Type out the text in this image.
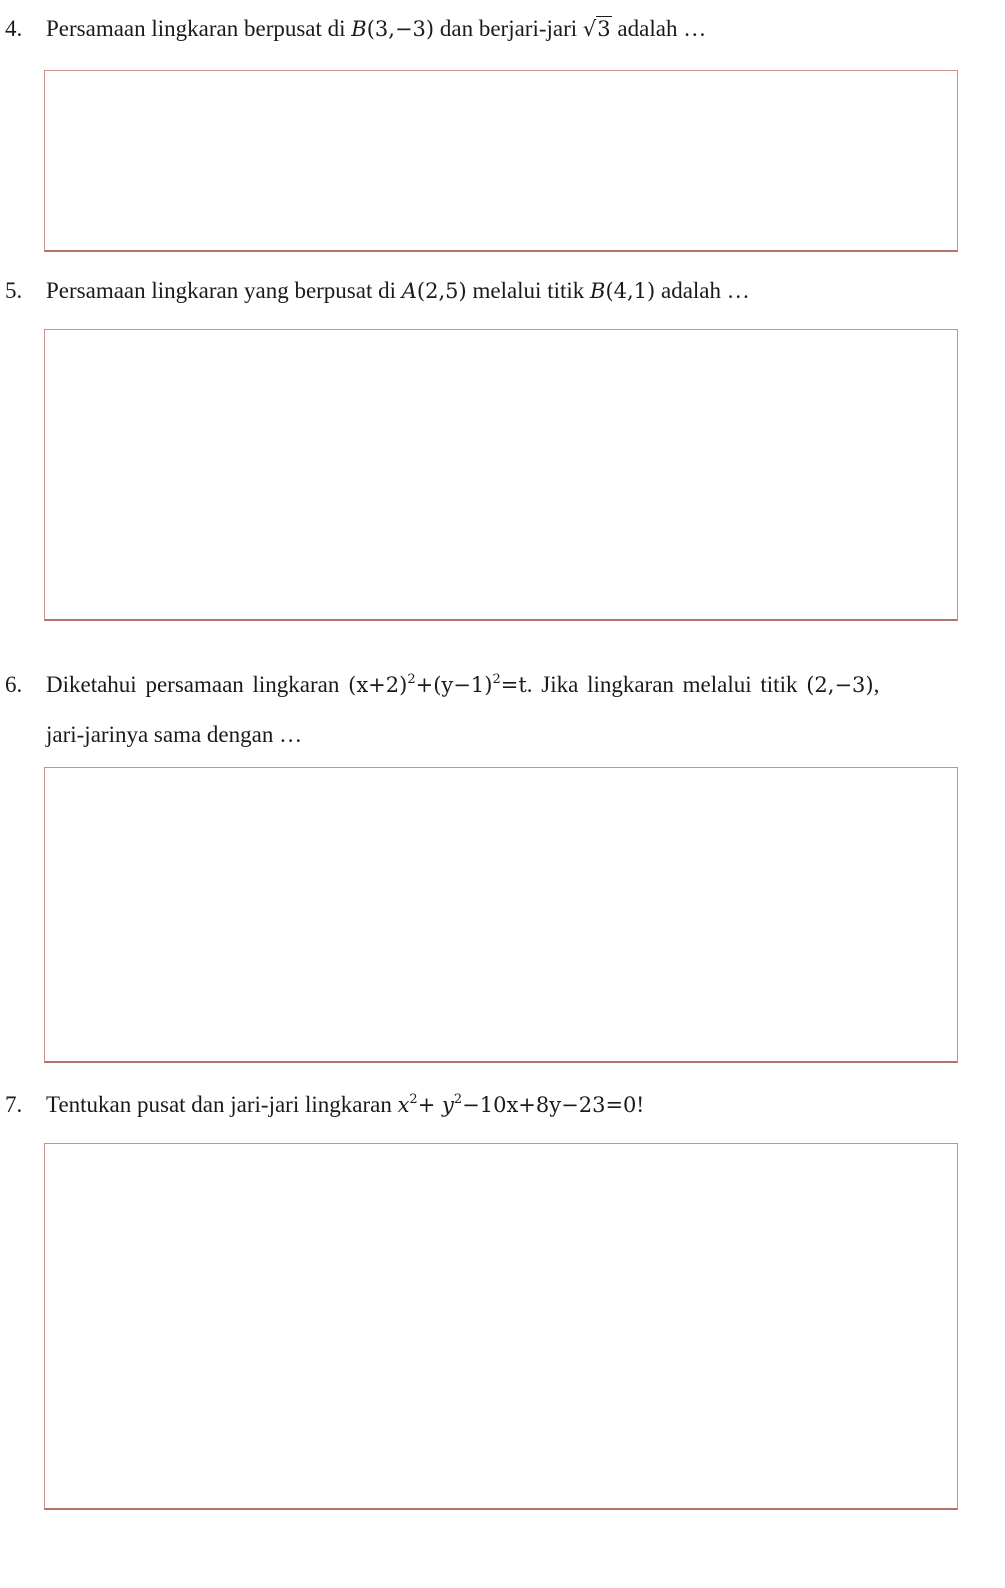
4. Persamaan lingkaran berpusat di B(3,−3) dan berjari-jari √3 adalah …
5. Persamaan lingkaran yang berpusat di A(2,5) melalui titik B(4,1) adalah …
6. Diketahui persamaan lingkaran $(x+2)^2+(y-1)^2=t$. Jika lingkaran melalui titik (2,−3),
jari-jarinya sama dengan …
7. Tentukan pusat dan jari-jari lingkaran $x^2+ y^2-10x+8y-23=0$!
